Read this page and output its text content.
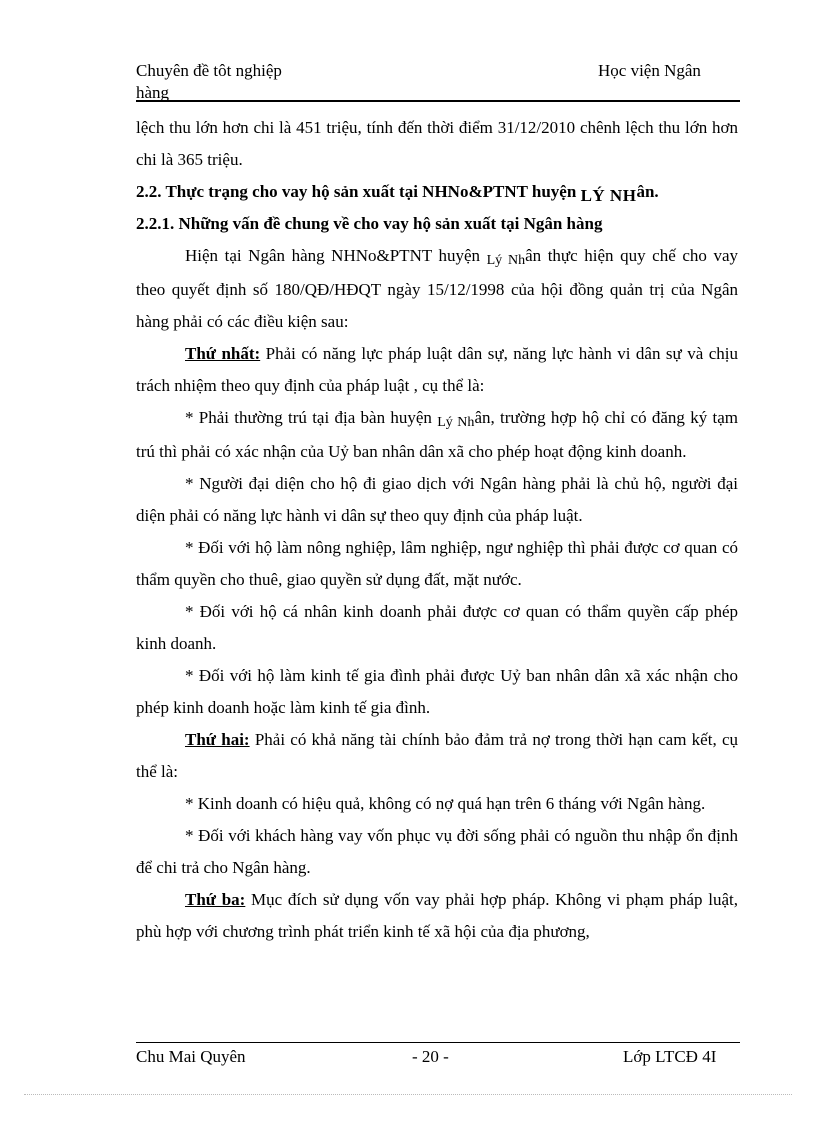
Chuyên đề tôt nghiệp
hàng
Học viện Ngân

lệch thu lớn hơn chi là 451 triệu, tính đến thời điểm 31/12/2010 chênh lệch thu lớn hơn chi là 365 triệu.

2.2. Thực trạng cho vay hộ sản xuất tại NHNo&PTNT huyện LÝ NHân.

2.2.1. Những vấn đề chung về cho vay hộ sản xuất tại Ngân hàng

Hiện tại Ngân hàng NHNo&PTNT huyện Lý Nhân thực hiện quy chế cho vay theo quyết định số 180/QĐ/HĐQT ngày 15/12/1998 của hội đồng quản trị của Ngân hàng phải có các điều kiện sau:

Thứ nhất: Phải có năng lực pháp luật dân sự, năng lực hành vi dân sự và chịu trách nhiệm theo quy định của pháp luật , cụ thể là:

* Phải thường trú tại địa bàn huyện Lý Nhân, trường hợp hộ chỉ có đăng ký tạm trú thì phải có xác nhận của Uỷ ban nhân dân xã cho phép hoạt động kinh doanh.

* Người đại diện cho hộ đi giao dịch với Ngân hàng phải là chủ hộ, người đại diện phải có năng lực hành vi dân sự theo quy định của pháp luật.

* Đối với hộ làm nông nghiệp, lâm nghiệp, ngư nghiệp thì phải được cơ quan có thẩm quyền cho thuê, giao quyền sử dụng đất, mặt nước.

* Đối với hộ cá nhân kinh doanh phải được cơ quan có thẩm quyền cấp phép kinh doanh.

* Đối với hộ làm kinh tế gia đình phải được Uỷ ban nhân dân xã xác nhận cho phép kinh doanh hoặc làm kinh tế gia đình.

Thứ hai: Phải có khả năng tài chính bảo đảm trả nợ trong thời hạn cam kết, cụ thể là:

* Kinh doanh có hiệu quả, không có nợ quá hạn trên 6 tháng với Ngân hàng.

* Đối với khách hàng vay vốn phục vụ đời sống phải có nguồn thu nhập ổn định để chi trả cho Ngân hàng.

Thứ ba: Mục đích sử dụng vốn vay phải hợp pháp. Không vi phạm pháp luật, phù hợp với chương trình phát triển kinh tế xã hội của địa phương,

Chu Mai Quyên	- 20 -	Lớp LTCĐ 4I
